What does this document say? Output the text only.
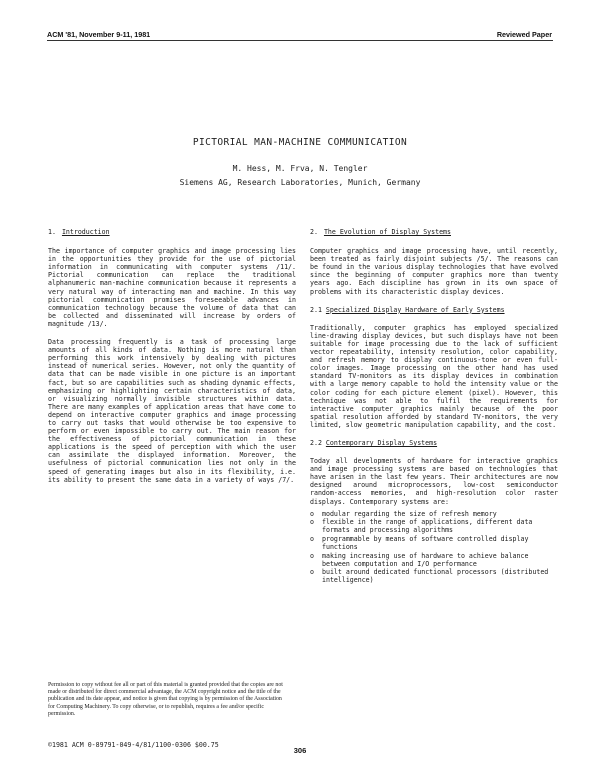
ACM '81, November 9-11, 1981	Reviewed Paper
PICTORIAL MAN-MACHINE COMMUNICATION
M. Hess, M. Frva, N. Tengler
Siemens AG, Research Laboratories, Munich, Germany
1. Introduction

The importance of computer graphics and image processing lies in the opportunities they provide for the use of pictorial information in communicating with computer systems /11/. Pictorial communication can replace the traditional alphanumeric man-machine communication because it represents a very natural way of interacting man and machine. In this way pictorial communication promises foreseeable advances in communication technology because the volume of data that can be collected and disseminated will increase by orders of magnitude /13/.

Data processing frequently is a task of processing large amounts of all kinds of data. Nothing is more natural than performing this work intensively by dealing with pictures instead of numerical series. However, not only the quantity of data that can be made visible in one picture is an important fact, but so are capabilities such as shading dynamic effects, emphasizing or highlighting certain characteristics of data, or visualizing normally invisible structures within data. There are many examples of application areas that have come to depend on interactive computer graphics and image processing to carry out tasks that would otherwise be too expensive to perform or even impossible to carry out. The main reason for the effectiveness of pictorial communication in these applications is the speed of perception with which the user can assimilate the displayed information. Moreover, the usefulness of pictorial communication lies not only in the speed of generating images but also in its flexibility, i.e. its ability to present the same data in a variety of ways /7/.

2. The Evolution of Display Systems

Computer graphics and image processing have, until recently, been treated as fairly disjoint subjects /5/. The reasons can be found in the various display technologies that have evolved since the beginning of computer graphics more than twenty years ago. Each discipline has grown in its own space of problems with its characteristic display devices.

2.1 Specialized Display Hardware of Early Systems

Traditionally, computer graphics has employed specialized line-drawing display devices, but such displays have not been suitable for image processing due to the lack of sufficient vector repeatability, intensity resolution, color capability, and refresh memory to display continuous-tone or even full-color images. Image processing on the other hand has used standard TV-monitors as its display devices in combination with a large memory capable to hold the intensity value or the color coding for each picture element (pixel). However, this technique was not able to fulfil the requirements for interactive computer graphics mainly because of the poor spatial resolution afforded by standard TV-monitors, the very limited, slow geometric manipulation capability, and the cost.

2.2 Contemporary Display Systems

Today all developments of hardware for interactive graphics and image processing systems are based on technologies that have arisen in the last few years. Their architectures are now designed around microprocessors, low-cost semiconductor random-access memories, and high-resolution color raster displays. Contemporary systems are:

o modular regarding the size of refresh memory
o flexible in the range of applications, different data formats and processing algorithms
o programmable by means of software controlled display functions
o making increasing use of hardware to achieve balance between computation and I/O performance
o built around dedicated functional processors (distributed intelligence)
Permission to copy without fee all or part of this material is granted provided that the copies are not made or distributed for direct commercial advantage, the ACM copyright notice and the title of the publication and its date appear, and notice is given that copying is by permission of the Association for Computing Machinery. To copy otherwise, or to republish, requires a fee and/or specific permission.
©1981 ACM 0-89791-049-4/81/1100-0306 $00.75
306
